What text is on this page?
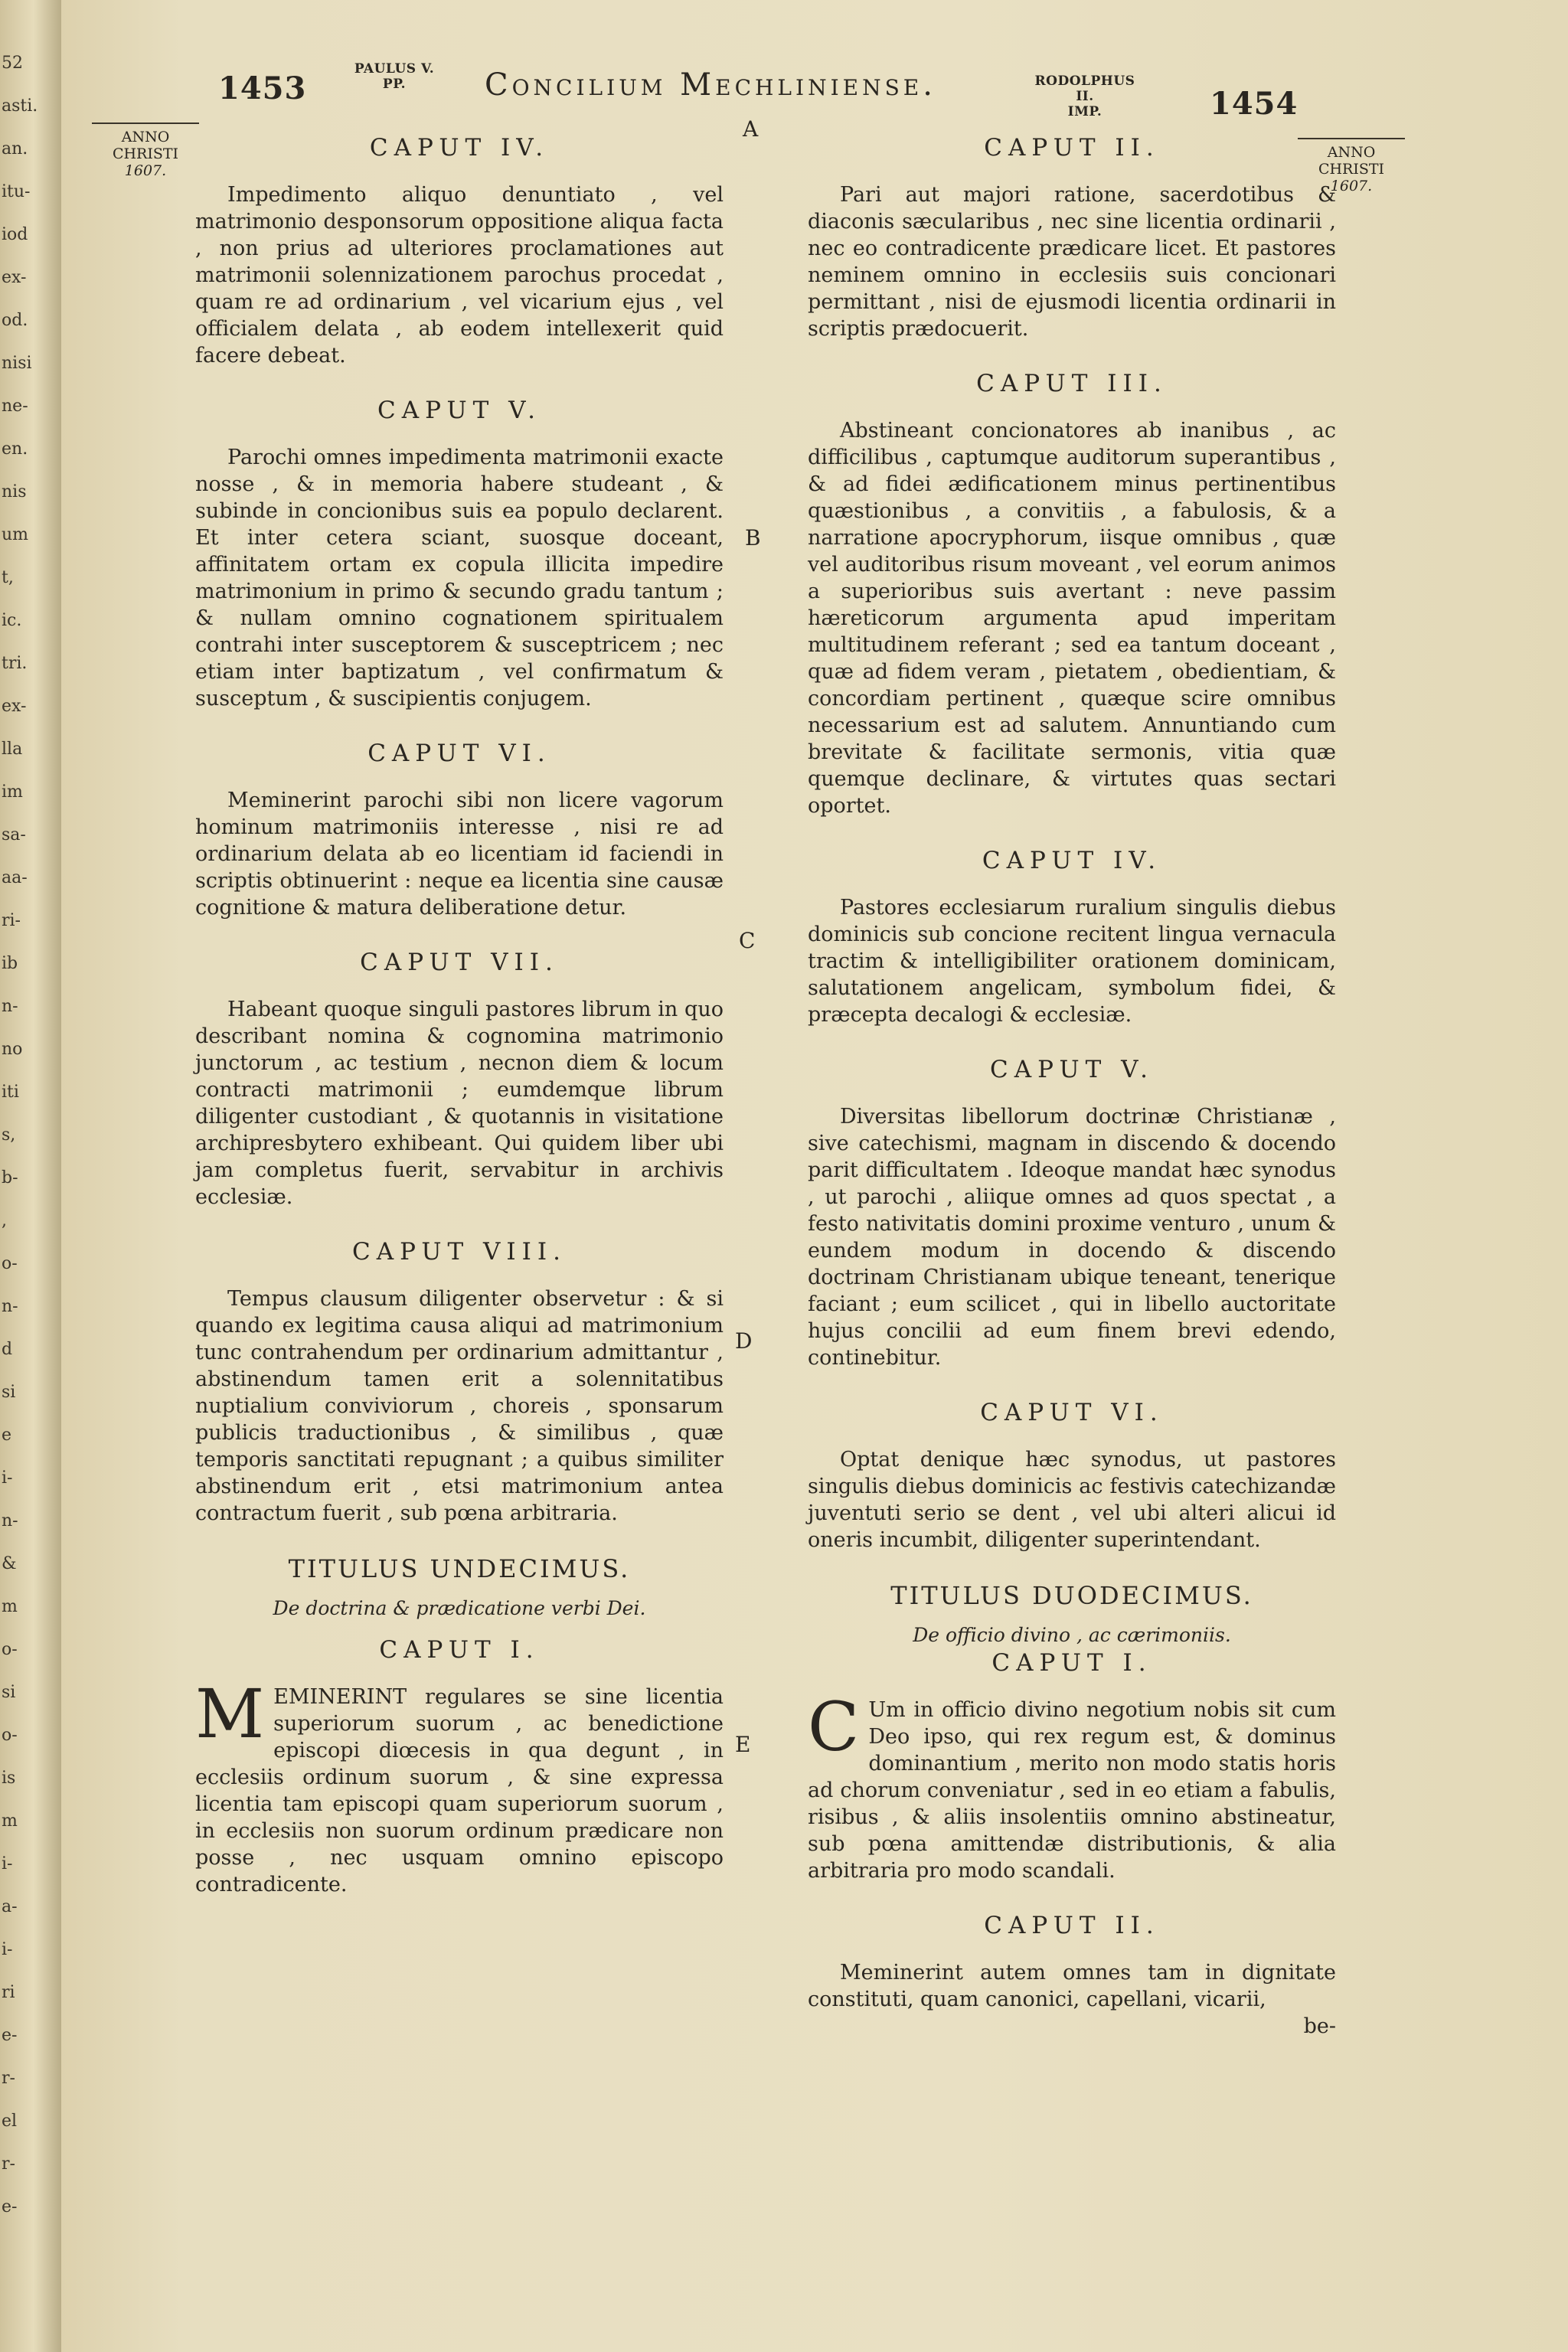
52
asti.
an.
itu-
iod
ex-
od.
nisi
ne-
en.
nis
um
t,
ic.
tri.
ex-
lla
im
sa-
aa-
ri-
ib
n-
no
iti
s,
b-
,
o-
n-
d
si
e
i-
n-
&
m
o-
si
o-
is
m
i-
a-
i-
ri
e-
r-
el
r-
e-
1453
PAULUS V.
PP.	Concilium Mechliniense.	RODOLPHUS II.
IMP.	1454
ANNO
CHRISTI
1607.
ANNO
CHRISTI
1607.
A
B
C
D
E
CAPUT IV.
Impedimento aliquo denuntiato , vel matrimonio desponsorum oppositione aliqua facta , non prius ad ulteriores proclamationes aut matrimonii solennizationem parochus procedat , quam re ad ordinarium , vel vicarium ejus , vel officialem delata , ab eodem intellexerit quid facere debeat.
CAPUT V.
Parochi omnes impedimenta matrimonii exacte nosse , & in memoria habere studeant , & subinde in concionibus suis ea populo declarent. Et inter cetera sciant, suosque doceant, affinitatem ortam ex copula illicita impedire matrimonium in primo & secundo gradu tantum ; & nullam omnino cognationem spiritualem contrahi inter susceptorem & susceptricem ; nec etiam inter baptizatum , vel confirmatum & susceptum , & suscipientis conjugem.
CAPUT VI.
Meminerint parochi sibi non licere vagorum hominum matrimoniis interesse , nisi re ad ordinarium delata ab eo licentiam id faciendi in scriptis obtinuerint : neque ea licentia sine causæ cognitione & matura deliberatione detur.
CAPUT VII.
Habeant quoque singuli pastores librum in quo describant nomina & cognomina matrimonio junctorum , ac testium , necnon diem & locum contracti matrimonii ; eumdemque librum diligenter custodiant , & quotannis in visitatione archipresbytero exhibeant. Qui quidem liber ubi jam completus fuerit, servabitur in archivis ecclesiæ.
CAPUT VIII.
Tempus clausum diligenter observetur : & si quando ex legitima causa aliqui ad matrimonium tunc contrahendum per ordinarium admittantur , abstinendum tamen erit a solennitatibus nuptialium conviviorum , choreis , sponsarum publicis traductionibus , & similibus , quæ temporis sanctitati repugnant ; a quibus similiter abstinendum erit , etsi matrimonium antea contractum fuerit , sub pœna arbitraria.
TITULUS UNDECIMUS.
De doctrina & prædicatione verbi Dei.
CAPUT I.
M EMINERINT regulares se sine licentia superiorum suorum , ac benedictione episcopi diœcesis in qua degunt , in ecclesiis ordinum suorum , & sine expressa licentia tam episcopi quam superiorum suorum , in ecclesiis non suorum ordinum prædicare non posse , nec usquam omnino episcopo contradicente.
CAPUT II.
Pari aut majori ratione, sacerdotibus & diaconis sæcularibus , nec sine licentia ordinarii , nec eo contradicente prædicare licet. Et pastores neminem omnino in ecclesiis suis concionari permittant , nisi de ejusmodi licentia ordinarii in scriptis prædocuerit.
CAPUT III.
Abstineant concionatores ab inanibus , ac difficilibus , captumque auditorum superantibus , & ad fidei ædificationem minus pertinentibus quæstionibus , a convitiis , a fabulosis, & a narratione apocryphorum, iisque omnibus , quæ vel auditoribus risum moveant , vel eorum animos a superioribus suis avertant : neve passim hæreticorum argumenta apud imperitam multitudinem referant ; sed ea tantum doceant , quæ ad fidem veram , pietatem , obedientiam, & concordiam pertinent , quæque scire omnibus necessarium est ad salutem. Annuntiando cum brevitate & facilitate sermonis, vitia quæ quemque declinare, & virtutes quas sectari oportet.
CAPUT IV.
Pastores ecclesiarum ruralium singulis diebus dominicis sub concione recitent lingua vernacula tractim & intelligibiliter orationem dominicam, salutationem angelicam, symbolum fidei, & præcepta decalogi & ecclesiæ.
CAPUT V.
Diversitas libellorum doctrinæ Christianæ , sive catechismi, magnam in discendo & docendo parit difficultatem . Ideoque mandat hæc synodus , ut parochi , aliique omnes ad quos spectat , a festo nativitatis domini proxime venturo , unum & eundem modum in docendo & discendo doctrinam Christianam ubique teneant, tenerique faciant ; eum scilicet , qui in libello auctoritate hujus concilii ad eum finem brevi edendo, continebitur.
CAPUT VI.
Optat denique hæc synodus, ut pastores singulis diebus dominicis ac festivis catechizandæ juventuti serio se dent , vel ubi alteri alicui id oneris incumbit, diligenter superintendant.
TITULUS DUODECIMUS.
De officio divino , ac cærimoniis.
CAPUT I.
C Um in officio divino negotium nobis sit cum Deo ipso, qui rex regum est, & dominus dominantium , merito non modo statis horis ad chorum conveniatur , sed in eo etiam a fabulis, risibus , & aliis insolentiis omnino abstineatur, sub pœna amittendæ distributionis, & alia arbitraria pro modo scandali.
CAPUT II.
Meminerint autem omnes tam in dignitate constituti, quam canonici, capellani, vicarii,
be-
